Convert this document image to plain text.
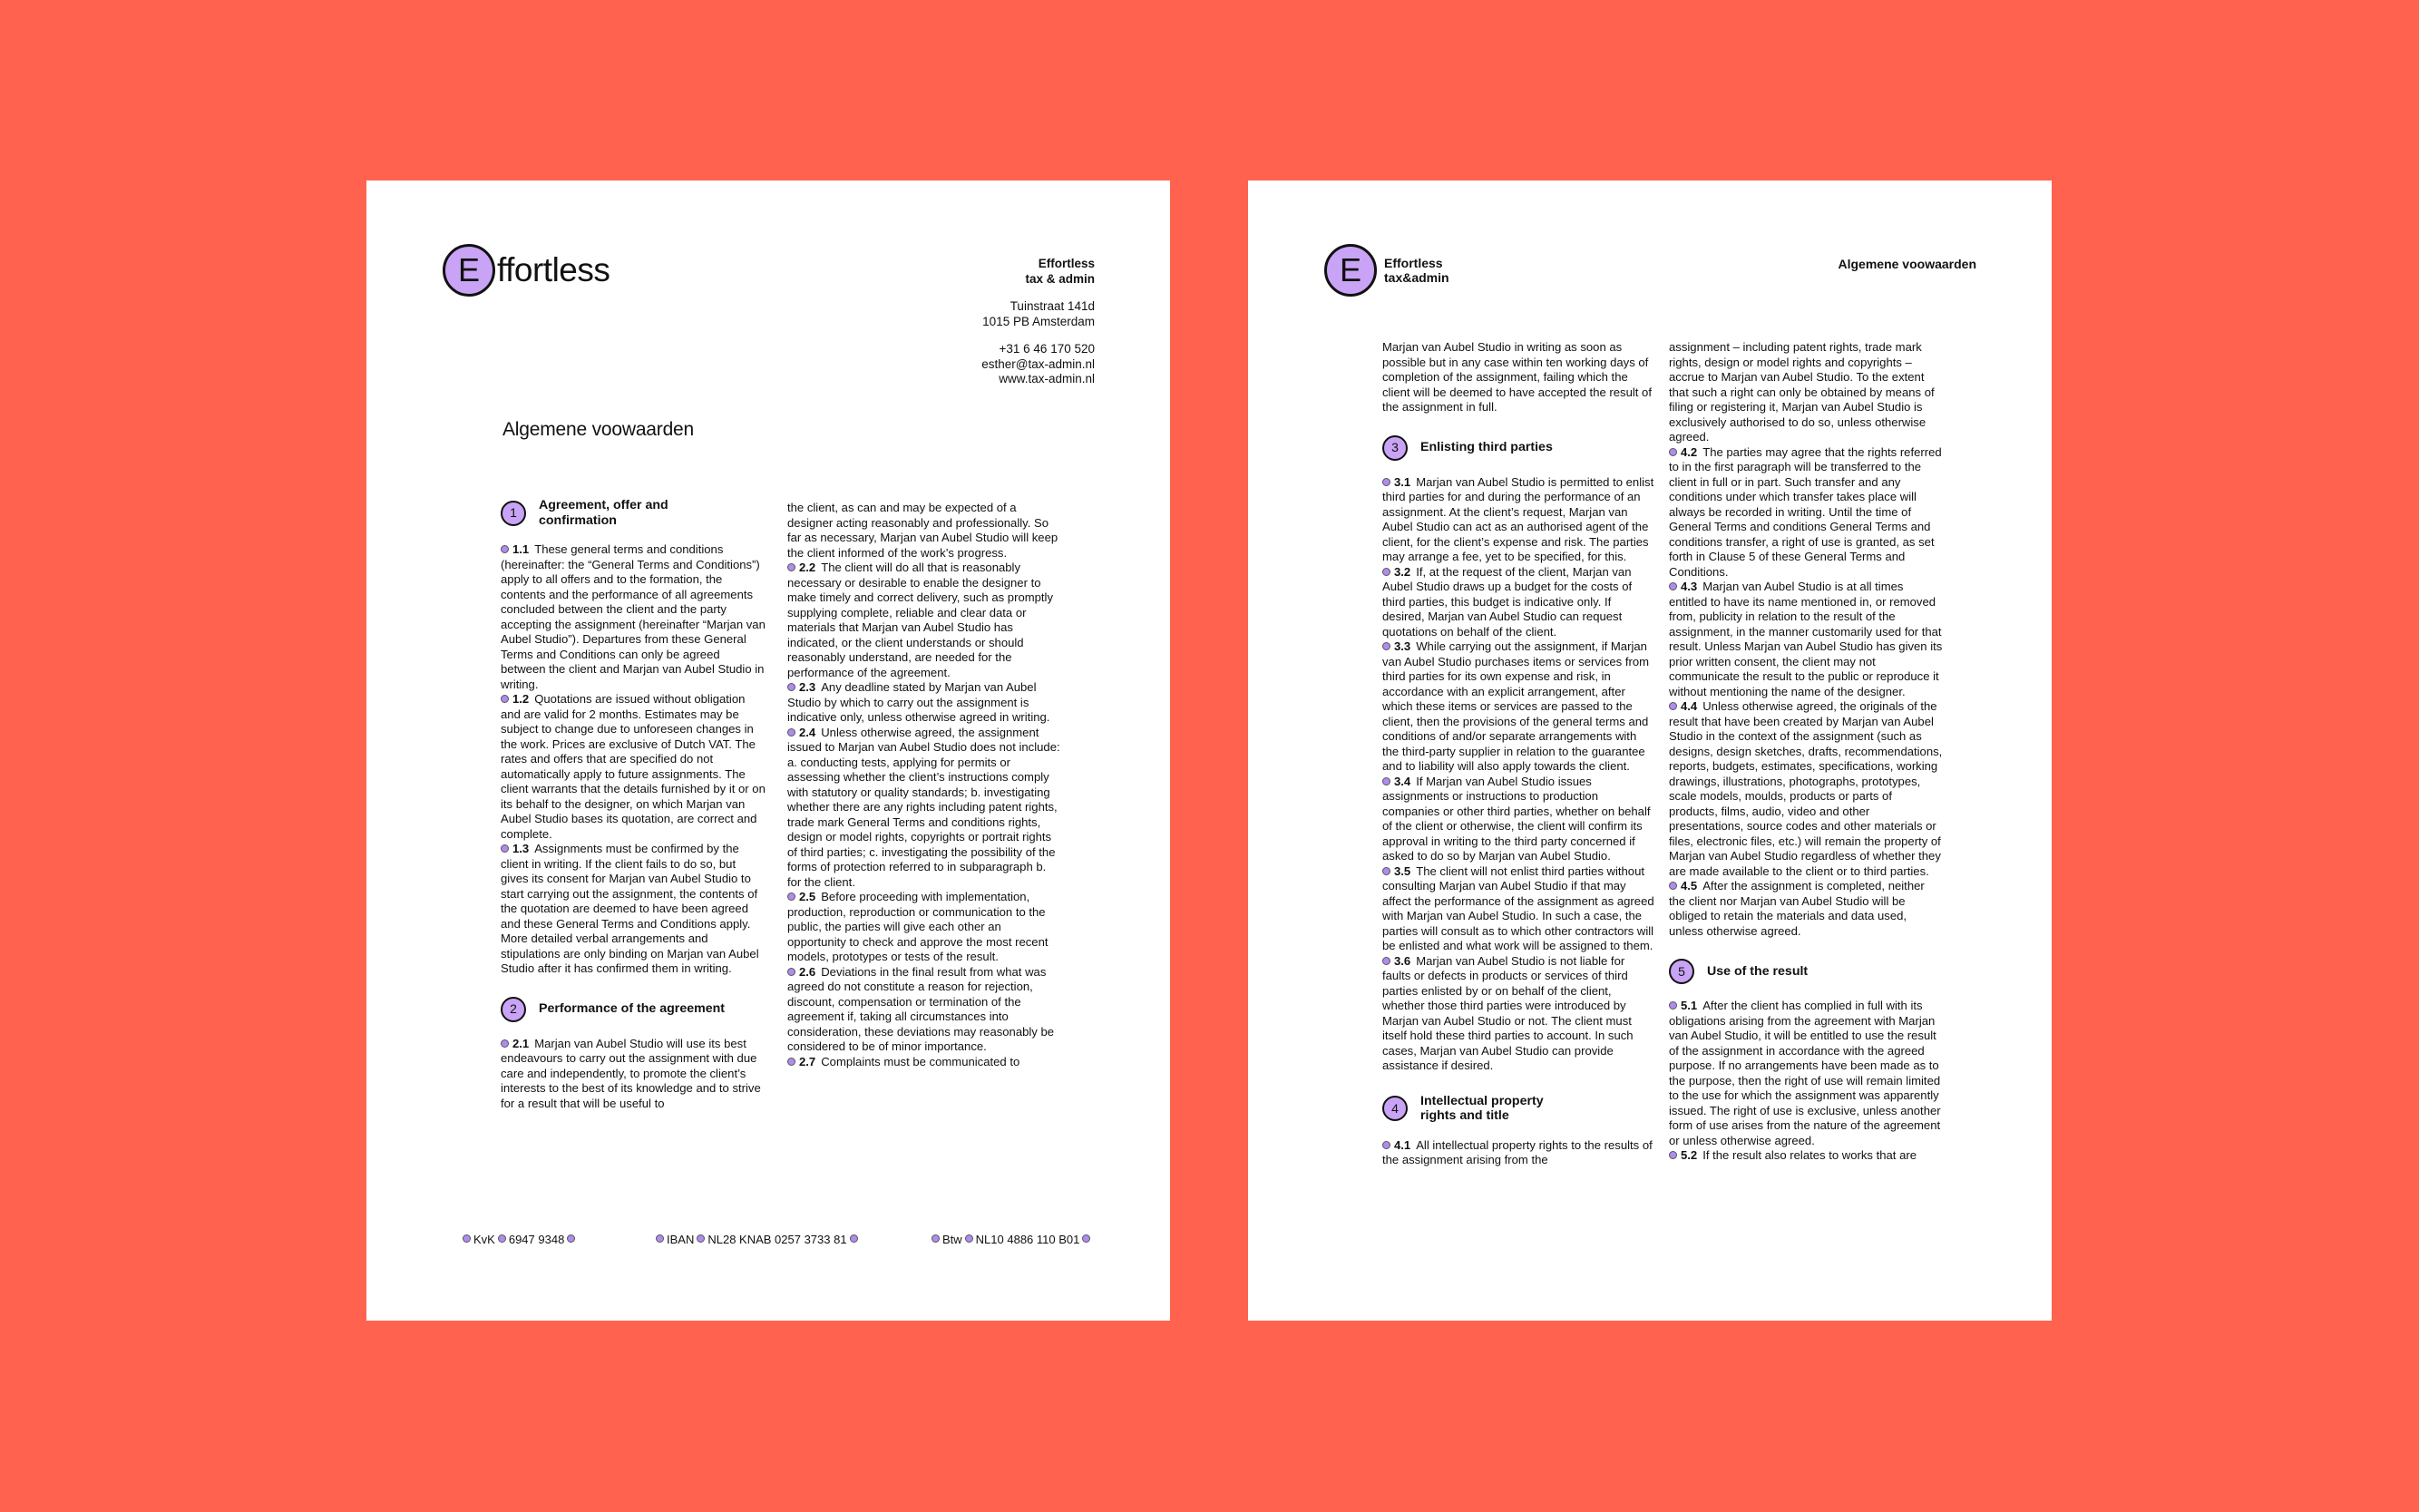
E ffortless	Effortless
tax & admin
Tuinstraat 141d
1015 PB Amsterdam
+31 6 46 170 520
esther@tax-admin.nl
www.tax-admin.nl
Algemene voowaarden
1
Agreement, offer and confirmation

1.1 These general terms and conditions (hereinafter: the “General Terms and Conditions”) apply to all offers and to the formation, the contents and the performance of all agreements concluded between the client and the party accepting the assignment (hereinafter “Marjan van Aubel Studio”). Departures from these General Terms and Conditions can only be agreed between the client and Marjan van Aubel Studio in writing.

1.2 Quotations are issued without obligation and are valid for 2 months. Estimates may be subject to change due to unforeseen changes in the work. Prices are exclusive of Dutch VAT. The rates and offers that are specified do not automatically apply to future assignments. The client warrants that the details furnished by it or on its behalf to the designer, on which Marjan van Aubel Studio bases its quotation, are correct and complete.

1.3 Assignments must be confirmed by the client in writing. If the client fails to do so, but gives its consent for Marjan van Aubel Studio to start carrying out the assignment, the contents of the quotation are deemed to have been agreed and these General Terms and Conditions apply. More detailed verbal arrangements and stipulations are only binding on Marjan van Aubel Studio after it has confirmed them in writing.

2	Performance of the agreement

2.1 Marjan van Aubel Studio will use its best endeavours to carry out the assignment with due care and independently, to promote the client’s interests to the best of its knowledge and to strive for a result that will be useful to

the client, as can and may be expected of a designer acting reasonably and professionally. So far as necessary, Marjan van Aubel Studio will keep the client informed of the work’s progress.

2.2 The client will do all that is reasonably necessary or desirable to enable the designer to make timely and correct delivery, such as promptly supplying complete, reliable and clear data or materials that Marjan van Aubel Studio has indicated, or the client understands or should reasonably understand, are needed for the performance of the agreement.

2.3 Any deadline stated by Marjan van Aubel Studio by which to carry out the assignment is indicative only, unless otherwise agreed in writing.

2.4 Unless otherwise agreed, the assignment issued to Marjan van Aubel Studio does not include: a. conducting tests, applying for permits or assessing whether the client’s instructions comply with statutory or quality standards; b. investigating whether there are any rights including patent rights, trade mark General Terms and conditions rights, design or model rights, copyrights or portrait rights of third parties; c. investigating the possibility of the forms of protection referred to in subparagraph b. for the client.

2.5 Before proceeding with implementation, production, reproduction or communication to the public, the parties will give each other an opportunity to check and approve the most recent models, prototypes or tests of the result.

2.6 Deviations in the final result from what was agreed do not constitute a reason for rejection, discount, compensation or termination of the agreement if, taking all circumstances into consideration, these deviations may reasonably be considered to be of minor importance.

2.7 Complaints must be communicated to

KvK 6947 9348	IBAN NL28 KNAB 0257 3733 81	Btw NL10 4886 110 B01
E	Effortless
tax&admin
Algemene voowaarden

Marjan van Aubel Studio in writing as soon as possible but in any case within ten working days of completion of the assignment, failing which the client will be deemed to have accepted the result of the assignment in full.

3	Enlisting third parties

3.1 Marjan van Aubel Studio is permitted to enlist third parties for and during the performance of an assignment. At the client’s request, Marjan van Aubel Studio can act as an authorised agent of the client, for the client’s expense and risk. The parties may arrange a fee, yet to be specified, for this.

3.2 If, at the request of the client, Marjan van Aubel Studio draws up a budget for the costs of third parties, this budget is indicative only. If desired, Marjan van Aubel Studio can request quotations on behalf of the client.

3.3 While carrying out the assignment, if Marjan van Aubel Studio purchases items or services from third parties for its own expense and risk, in accordance with an explicit arrangement, after which these items or services are passed to the client, then the provisions of the general terms and conditions of and/or separate arrangements with the third-party supplier in relation to the guarantee and to liability will also apply towards the client.

3.4 If Marjan van Aubel Studio issues assignments or instructions to production companies or other third parties, whether on behalf of the client or otherwise, the client will confirm its approval in writing to the third party concerned if asked to do so by Marjan van Aubel Studio.

3.5 The client will not enlist third parties without consulting Marjan van Aubel Studio if that may affect the performance of the assignment as agreed with Marjan van Aubel Studio. In such a case, the parties will consult as to which other contractors will be enlisted and what work will be assigned to them.

3.6 Marjan van Aubel Studio is not liable for faults or defects in products or services of third parties enlisted by or on behalf of the client, whether those third parties were introduced by Marjan van Aubel Studio or not. The client must itself hold these third parties to account. In such cases, Marjan van Aubel Studio can provide assistance if desired.

4
Intellectual property rights and title

4.1 All intellectual property rights to the results of the assignment arising from the

assignment – including patent rights, trade mark rights, design or model rights and copyrights – accrue to Marjan van Aubel Studio. To the extent that such a right can only be obtained by means of filing or registering it, Marjan van Aubel Studio is exclusively authorised to do so, unless otherwise agreed.

4.2 The parties may agree that the rights referred to in the first paragraph will be transferred to the client in full or in part. Such transfer and any conditions under which transfer takes place will always be recorded in writing. Until the time of General Terms and conditions General Terms and conditions transfer, a right of use is granted, as set forth in Clause 5 of these General Terms and Conditions.

4.3 Marjan van Aubel Studio is at all times entitled to have its name mentioned in, or removed from, publicity in relation to the result of the assignment, in the manner customarily used for that result. Unless Marjan van Aubel Studio has given its prior written consent, the client may not communicate the result to the public or reproduce it without mentioning the name of the designer.

4.4 Unless otherwise agreed, the originals of the result that have been created by Marjan van Aubel Studio in the context of the assignment (such as designs, design sketches, drafts, recommendations, reports, budgets, estimates, specifications, working drawings, illustrations, photographs, prototypes, scale models, moulds, products or parts of products, films, audio, video and other presentations, source codes and other materials or files, electronic files, etc.) will remain the property of Marjan van Aubel Studio regardless of whether they are made available to the client or to third parties.

4.5 After the assignment is completed, neither the client nor Marjan van Aubel Studio will be obliged to retain the materials and data used, unless otherwise agreed.

5	Use of the result

5.1 After the client has complied in full with its obligations arising from the agreement with Marjan van Aubel Studio, it will be entitled to use the result of the assignment in accordance with the agreed purpose. If no arrangements have been made as to the purpose, then the right of use will remain limited to the use for which the assignment was apparently issued. The right of use is exclusive, unless another form of use arises from the nature of the agreement or unless otherwise agreed.

5.2 If the result also relates to works that are
